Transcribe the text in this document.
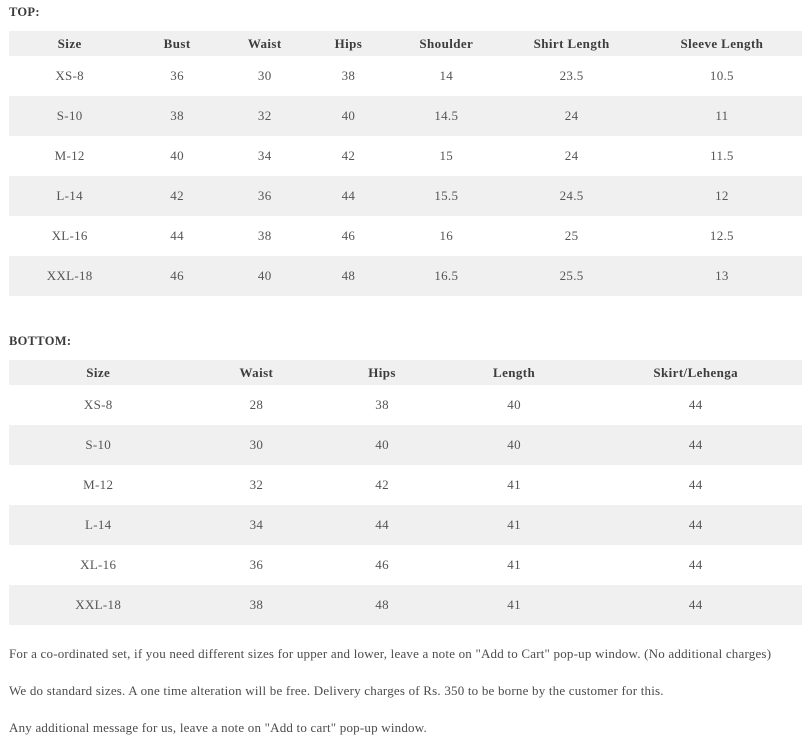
TOP:
Size	Bust	Waist	Hips	Shoulder	Shirt Length	Sleeve Length
XS-8	36	30	38	14	23.5	10.5
S-10	38	32	40	14.5	24	11
M-12	40	34	42	15	24	11.5
L-14	42	36	44	15.5	24.5	12
XL-16	44	38	46	16	25	12.5
XXL-18	46	40	48	16.5	25.5	13
BOTTOM:
Size	Waist	Hips	Length	Skirt/Lehenga
XS-8	28	38	40	44
S-10	30	40	40	44
M-12	32	42	41	44
L-14	34	44	41	44
XL-16	36	46	41	44
XXL-18	38	48	41	44

For a co-ordinated set, if you need different sizes for upper and lower, leave a note on "Add to Cart" pop-up window. (No additional charges)

We do standard sizes. A one time alteration will be free. Delivery charges of Rs. 350 to be borne by the customer for this.

Any additional message for us, leave a note on "Add to cart" pop-up window.
